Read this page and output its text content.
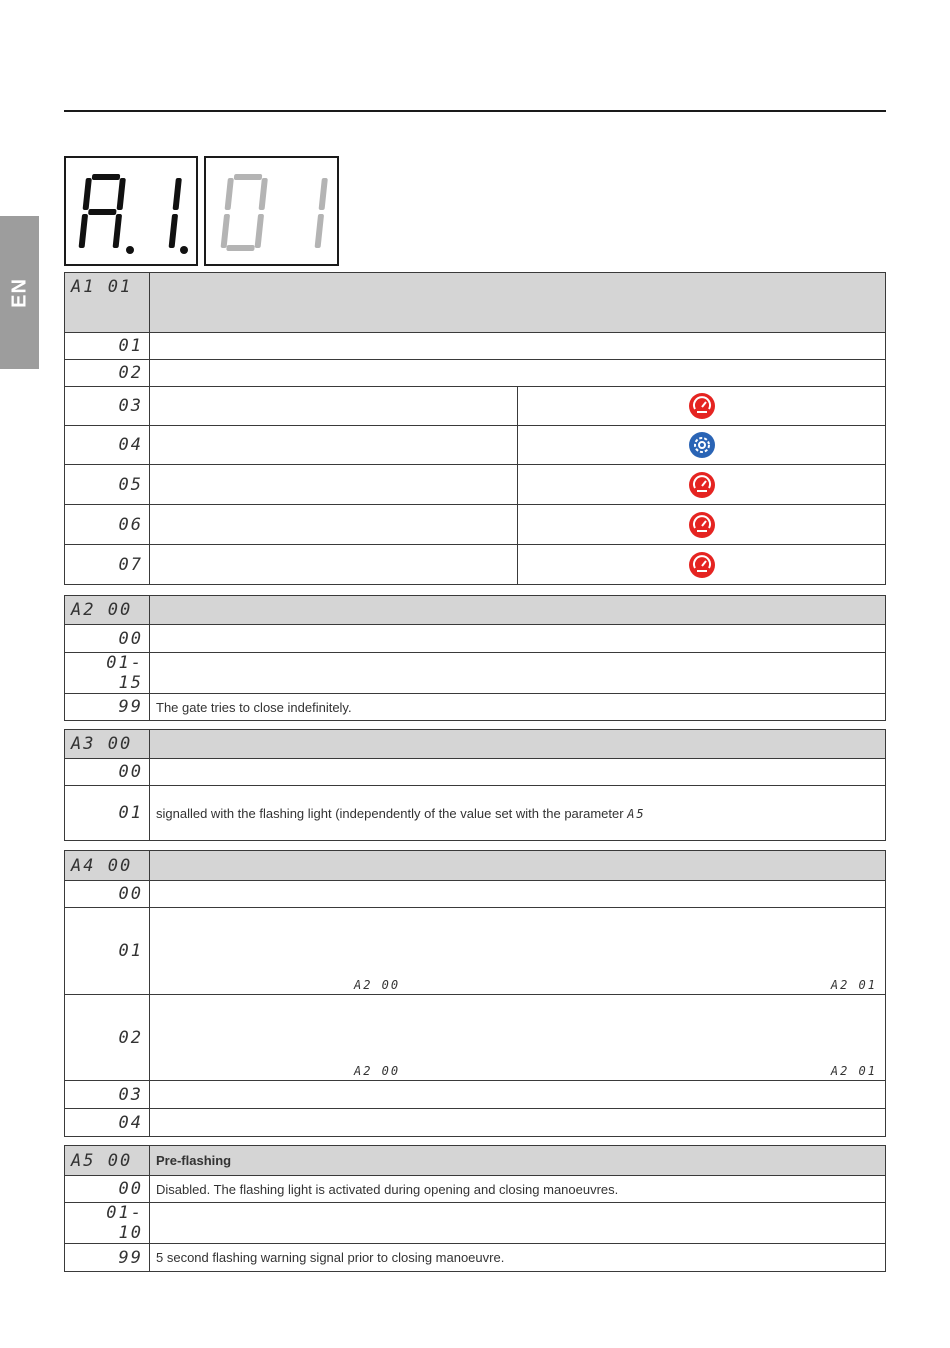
EN A1 01		
01		
02		
03		

04		

05		

06		

07		
A2 00	
00	
01- 15	
99	The gate tries to close indefinitely.
A3 00	
00	
01	signalled with the flashing light (independently of the value set with the parameter A5
A4 00	
00	
01	A2 00 A2 01

02	A2 00 A2 01

03	
04	
A5 00	Pre-flashing
00	Disabled. The flashing light is activated during opening and closing manoeuvres.
01- 10	
99	5 second flashing warning signal prior to closing manoeuvre.
